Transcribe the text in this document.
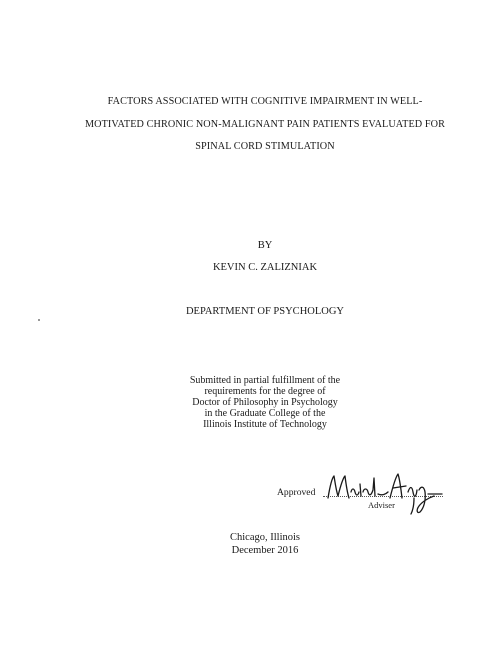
FACTORS ASSOCIATED WITH COGNITIVE IMPAIRMENT IN WELL-
MOTIVATED CHRONIC NON-MALIGNANT PAIN PATIENTS EVALUATED FOR
SPINAL CORD STIMULATION
BY
KEVIN C. ZALIZNIAK
DEPARTMENT OF PSYCHOLOGY
Submitted in partial fulfillment of the
requirements for the degree of
Doctor of Philosophy in Psychology
in the Graduate College of the
Illinois Institute of Technology
Approved
Adviser
Chicago, Illinois
December 2016
